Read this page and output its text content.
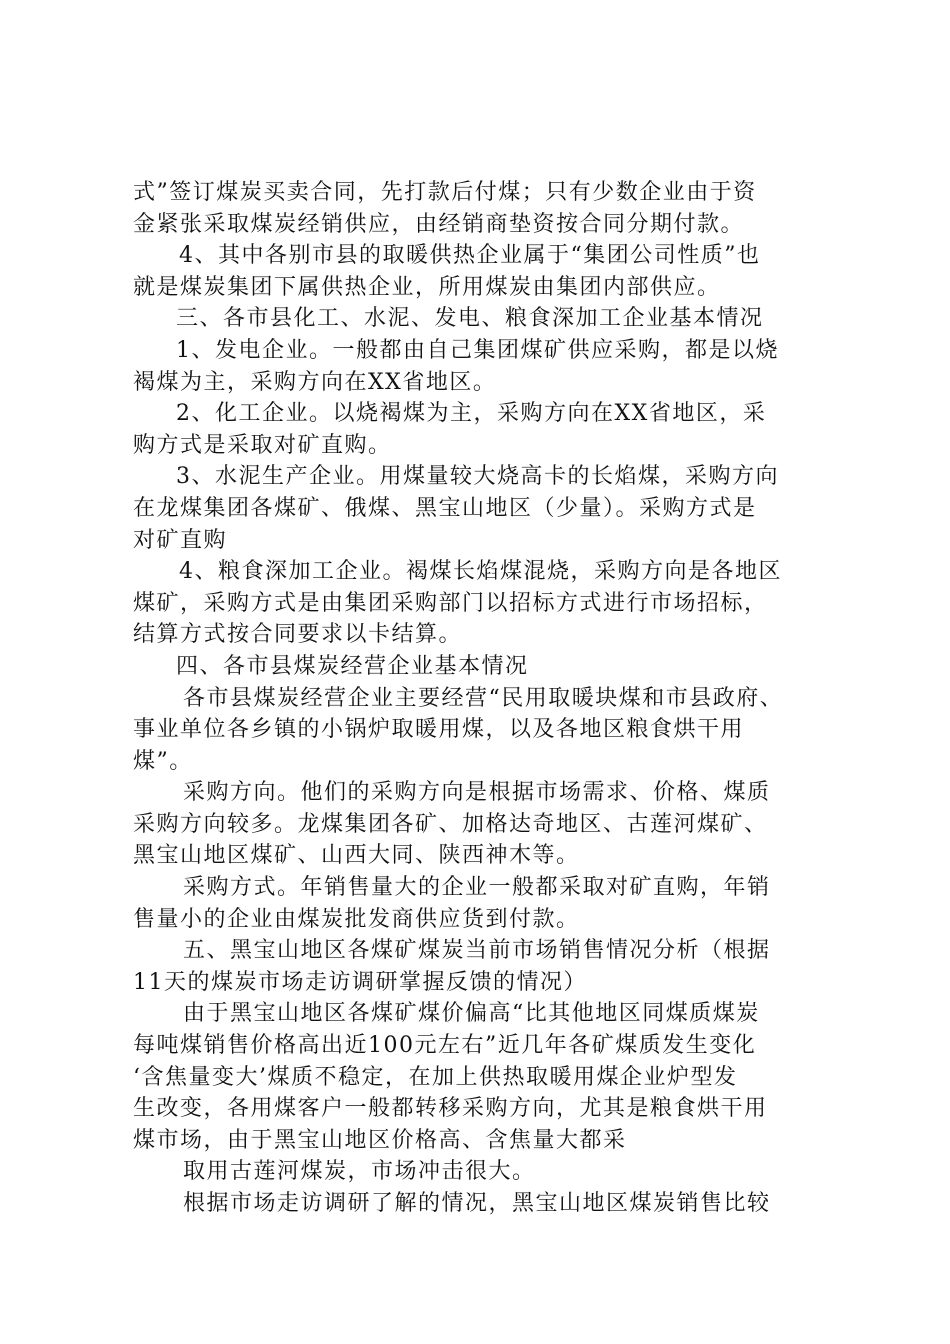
式”签订煤炭买卖合同，先打款后付煤；只有少数企业由于资
金紧张采取煤炭经销供应，由经销商垫资按合同分期付款。
4、其中各别市县的取暖供热企业属于“集团公司性质”也
就是煤炭集团下属供热企业，所用煤炭由集团内部供应。
三、各市县化工、水泥、发电、粮食深加工企业基本情况
1、发电企业。一般都由自己集团煤矿供应采购，都是以烧
褐煤为主，采购方向在XX省地区。
2、化工企业。以烧褐煤为主，采购方向在XX省地区，采
购方式是采取对矿直购。
3、水泥生产企业。用煤量较大烧高卡的长焰煤，采购方向
在龙煤集团各煤矿、俄煤、黑宝山地区（少量）。采购方式是
对矿直购
4、粮食深加工企业。褐煤长焰煤混烧，采购方向是各地区
煤矿，采购方式是由集团采购部门以招标方式进行市场招标，
结算方式按合同要求以卡结算。
四、各市县煤炭经营企业基本情况
各市县煤炭经营企业主要经营“民用取暖块煤和市县政府、
事业单位各乡镇的小锅炉取暖用煤，以及各地区粮食烘干用
煤”。
采购方向。他们的采购方向是根据市场需求、价格、煤质
采购方向较多。龙煤集团各矿、加格达奇地区、古莲河煤矿、
黑宝山地区煤矿、山西大同、陕西神木等。
采购方式。年销售量大的企业一般都采取对矿直购，年销
售量小的企业由煤炭批发商供应货到付款。
五、黑宝山地区各煤矿煤炭当前市场销售情况分析（根据
11天的煤炭市场走访调研掌握反馈的情况）
由于黑宝山地区各煤矿煤价偏高“比其他地区同煤质煤炭
每吨煤销售价格高出近100元左右”近几年各矿煤质发生变化
‘含焦量变大’煤质不稳定，在加上供热取暖用煤企业炉型发
生改变，各用煤客户一般都转移采购方向，尤其是粮食烘干用
煤市场，由于黑宝山地区价格高、含焦量大都采
取用古莲河煤炭，市场冲击很大。
根据市场走访调研了解的情况，黑宝山地区煤炭销售比较
